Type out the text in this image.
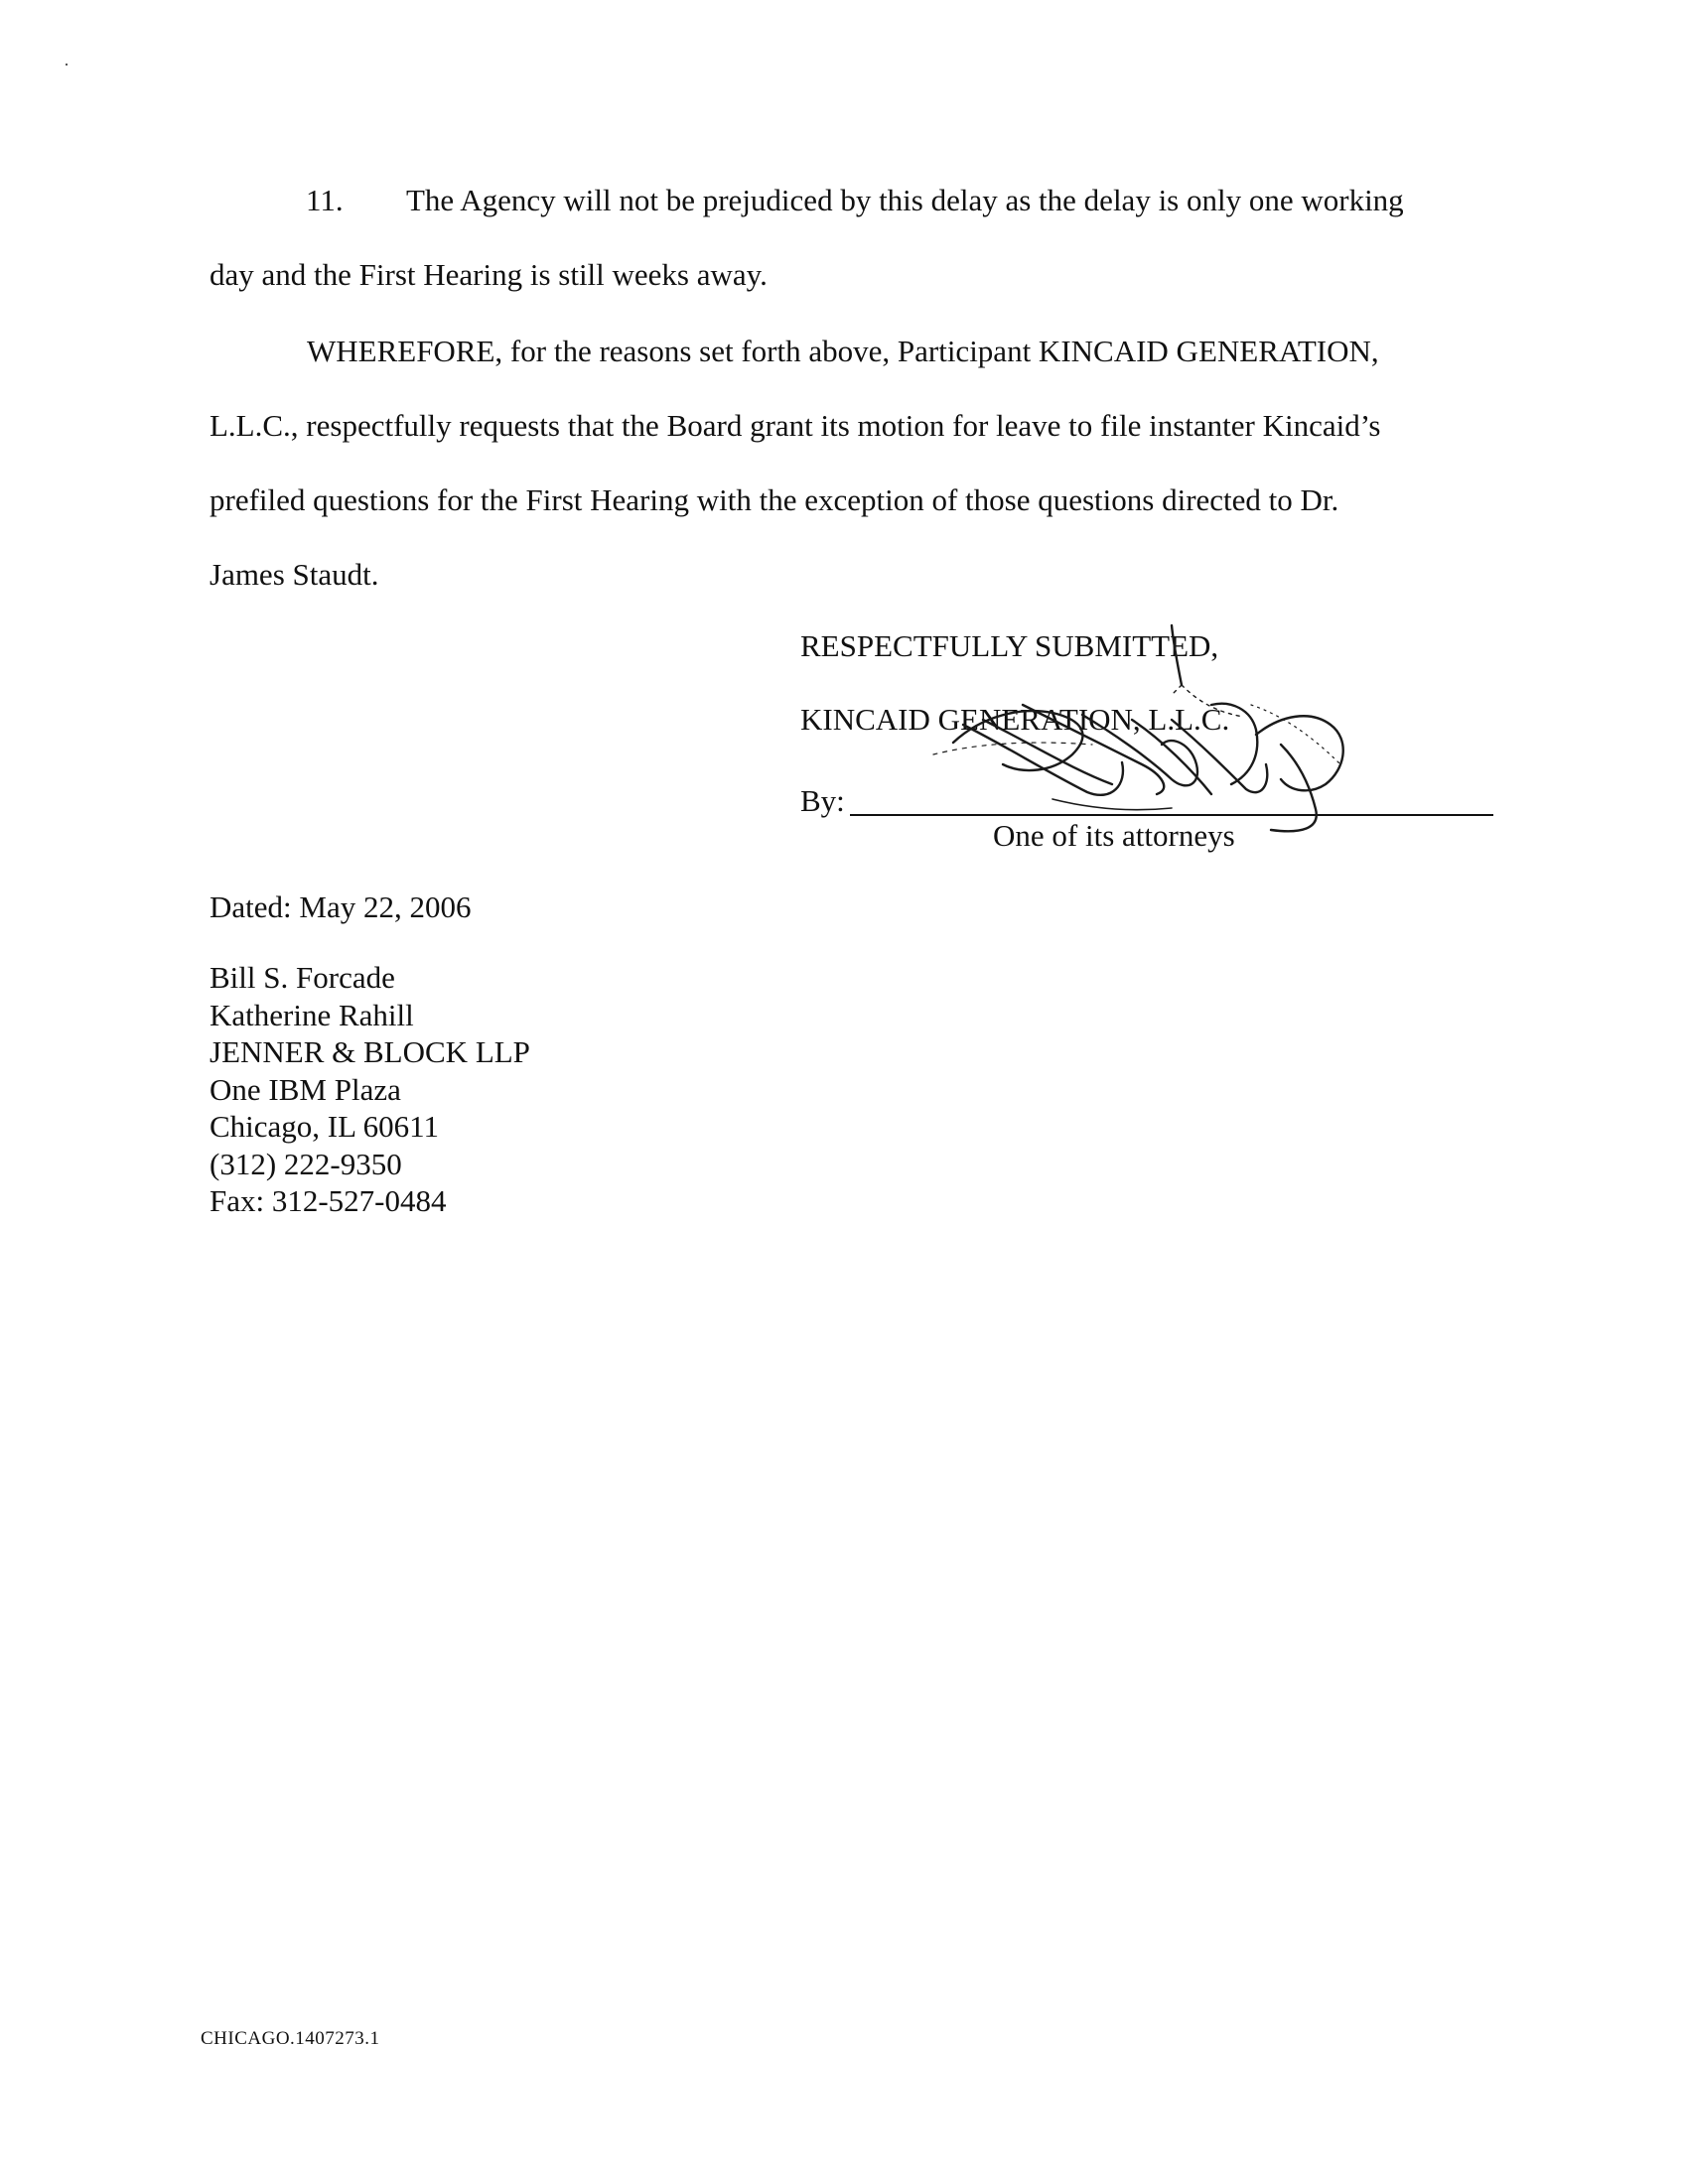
11. The Agency will not be prejudiced by this delay as the delay is only one working
day and the First Hearing is still weeks away.
WHEREFORE, for the reasons set forth above, Participant KINCAID GENERATION,
L.L.C., respectfully requests that the Board grant its motion for leave to file instanter Kincaid’s
prefiled questions for the First Hearing with the exception of those questions directed to Dr.
James Staudt.
RESPECTFULLY SUBMITTED,
KINCAID GENERATION, L.L.C.
By:
One of its attorneys
Dated: May 22, 2006
Bill S. Forcade
Katherine Rahill
JENNER & BLOCK LLP
One IBM Plaza
Chicago, IL 60611
(312) 222-9350
Fax: 312-527-0484
CHICAGO.1407273.1
